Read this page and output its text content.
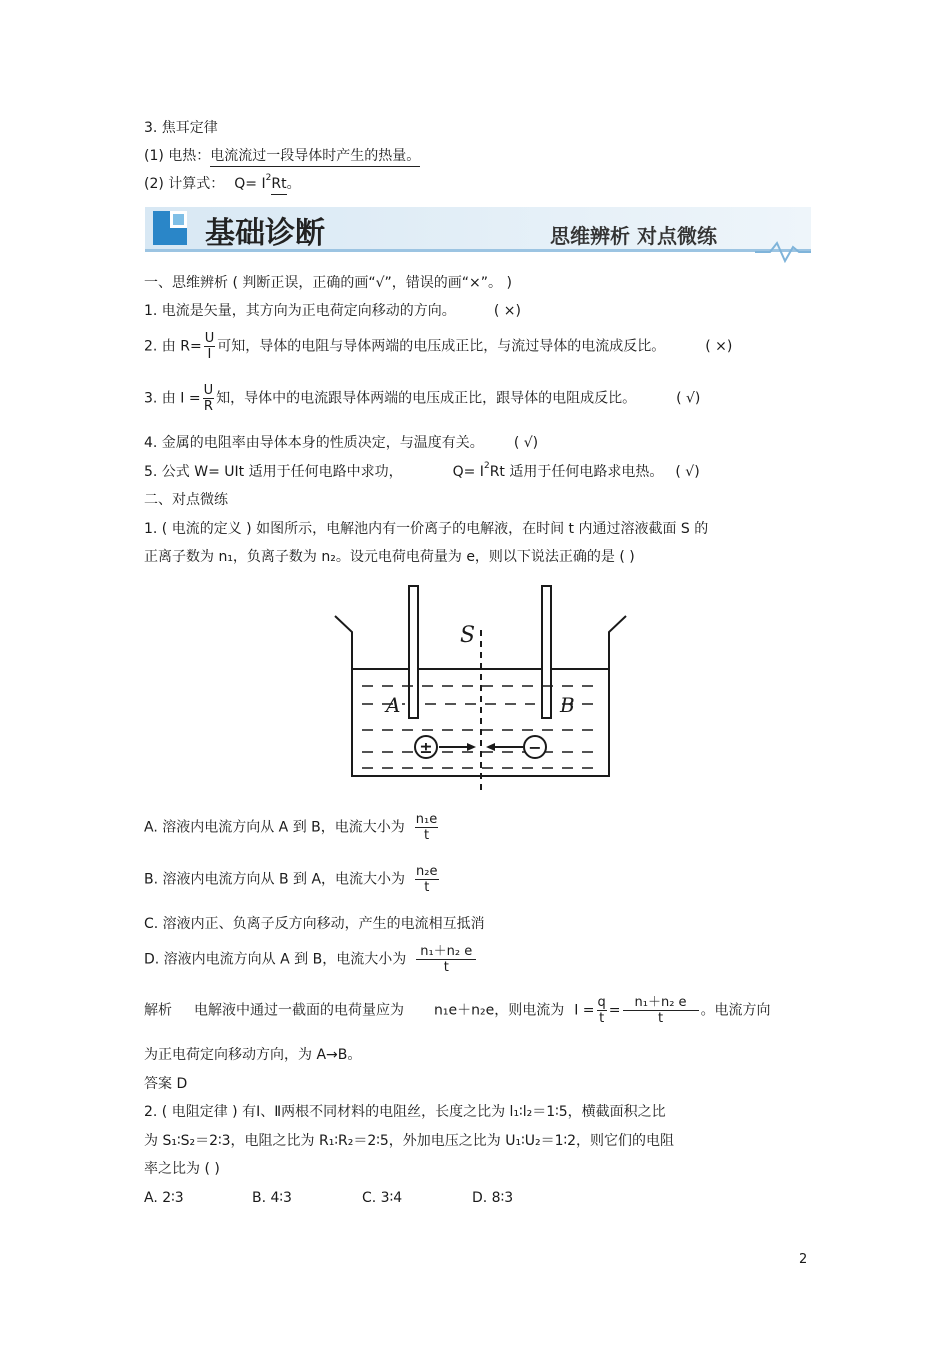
3. 焦耳定律
(1) 电热：电流流过一段导体时产生的热量。
(2) 计算式： $Q= I^2Rt$。
基础诊断	思维辨析 对点微练
一、思维辨析 ( 判断正误，正确的画“√”，错误的画“×”。 )
1. 电流是矢量，其方向为正电荷定向移动的方向。	( ×)
2. 由 $R= \frac{U}{I}$ 可知，导体的电阻与导体两端的电压成正比，与流过导体的电流成反比。	( ×)
3. 由 $I = \frac{U}{R}$ 知，导体中的电流跟导体两端的电压成正比，跟导体的电阻成反比。	( √)
4. 金属的电阻率由导体本身的性质决定，与温度有关。 ( √)
5. 公式 W= UIt 适用于任何电路中求功，	$Q= I^2Rt$ 适用于任何电路求电热。 ( √)
二、对点微练
1. ( 电流的定义 ) 如图所示，电解池内有一价离子的电解液，在时间 t 内通过溶液截面 S 的
正离子数为 n₁，负离子数为 n₂。设元电荷电荷量为 e，则以下说法正确的是 ( )
S
A	B
±	−
A. 溶液内电流方向从 A 到 B，电流大小为 $\frac{\text{n₁e}}{t}$
B. 溶液内电流方向从 B 到 A，电流大小为 $\frac{\text{n₂e}}{t}$
C. 溶液内正、负离子反方向移动，产生的电流相互抵消
D. 溶液内电流方向从 A 到 B，电流大小为 $\frac{\text{n₁＋n₂ e}}{t}$
解析 电解液中通过一截面的电荷量应为 n₁e＋n₂e，则电流为 $I = \frac{q}{t} = \frac{\text{n₁＋n₂ e}}{t}$ 。电流方向
为正电荷定向移动方向，为 A→B。
答案 D
2. ( 电阻定律 ) 有Ⅰ、Ⅱ两根不同材料的电阻丝，长度之比为 l₁∶l₂＝1∶5，横截面积之比
为 S₁∶S₂＝2∶3，电阻之比为 R₁∶R₂＝2∶5，外加电压之比为 U₁∶U₂＝1∶2，则它们的电阻
率之比为 ( )
A. 2∶3	B. 4∶3	C. 3∶4	D. 8∶3
2
